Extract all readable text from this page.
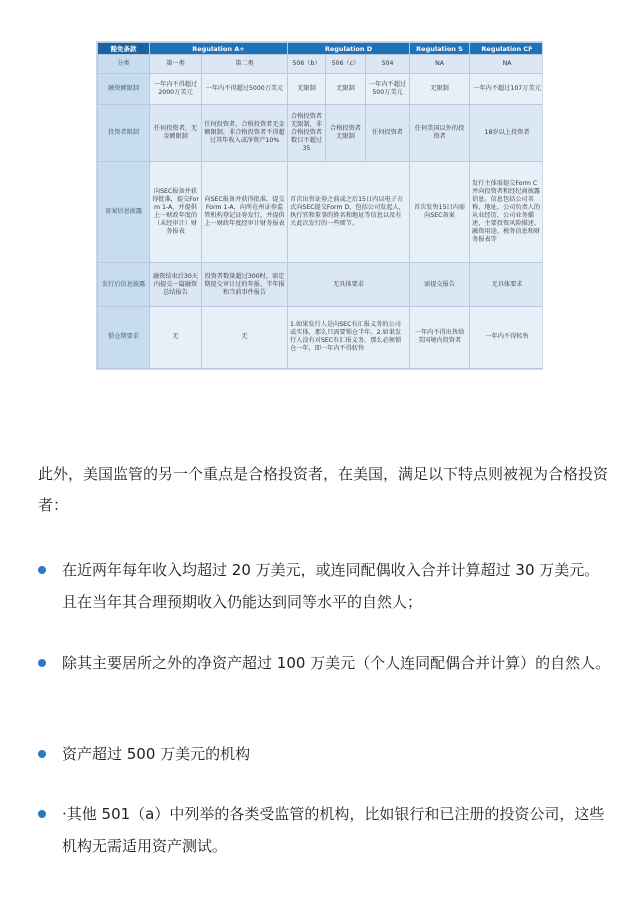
豁免条款	Regulation A+		Regulation D			Regulation S	Regulation CF
分类	第一类	第二类	506（b）	506（c）	504	NA	NA
融资额限制	一年内不得超过2000万美元	一年内不得超过5000万美元	无限制	无限制	一年内不超过500万美元	无限制	一年内不超过107万美元
投资者限制	任何投资者，无金额限制	任何投资者，合格投资者无金额限制，非合格投资者不得超过其年收入或净资产10%	合格投资者无限制，非合格投资者数目不超过35	合格投资者无限制	任何投资者	任何美国以外的投资者	18岁以上投资者
备案信息披露	向SEC报备并获得批准，提交Form 1-A，并提供上一财政年度的（未经审计）财务报表	向SEC报备并获得批准，提交Form 1-A，向所在州证券监管机构登记证券发行，并提供上一财政年度经审计财务报表	首次出售证券之前或之后15日内以电子方式向SEC提交Form D，包括公司发起人，执行官和董事的姓名和地址等信息以及有关此次发行的一些细节。			首次发售15日内需向SEC备案	发行主体需提交Form C并向投资者和经纪商披露信息。信息包括公司名称、地址、公司负责人的从业经历、公司业务描述、主要投资风险描述、融资用途、税务信息和财务报表等
发行后信息披露	融资结束后30天内提交一篇融资总结报告	投资者数量超过300时，需定期提交审计过的年报、半年报和当前事件报告	无具体要求			需提交报告	无具体要求
锁仓期要求	无	无	1.如果发行人是向SEC有汇报义务的公司或实体，那么只需要锁仓半年。2.如果发行人没有对SEC有汇报义务，那么必须锁仓一年，即一年内不得转售			一年内不得出售给美国境内投资者	一年内不得转售
此外，美国监管的另一个重点是合格投资者，在美国，满足以下特点则被视为合格投资者：
在近两年每年收入均超过 20 万美元，或连同配偶收入合并计算超过 30 万美元。且在当年其合理预期收入仍能达到同等水平的自然人；
除其主要居所之外的净资产超过 100 万美元（个人连同配偶合并计算）的自然人。
资产超过 500 万美元的机构
·其他 501（a）中列举的各类受监管的机构，比如银行和已注册的投资公司，这些机构无需适用资产测试。
